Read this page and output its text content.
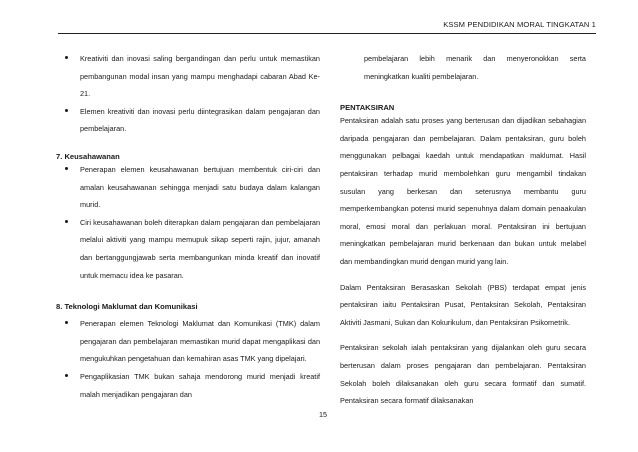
KSSM PENDIDIKAN MORAL TINGKATAN 1
Kreativiti dan inovasi saling bergandingan dan perlu untuk memastikan pembangunan modal insan yang mampu menghadapi cabaran Abad Ke-21.
Elemen kreativiti dan inovasi perlu diintegrasikan dalam pengajaran dan pembelajaran.
7. Keusahawanan
Penerapan elemen keusahawanan bertujuan membentuk ciri-ciri dan amalan keusahawanan sehingga menjadi satu budaya dalam kalangan murid.
Ciri keusahawanan boleh diterapkan dalam pengajaran dan pembelajaran melalui aktiviti yang mampu memupuk sikap seperti rajin, jujur, amanah dan bertanggungjawab serta membangunkan minda kreatif dan inovatif untuk memacu idea ke pasaran.
8. Teknologi Maklumat dan Komunikasi
Penerapan elemen Teknologi Maklumat dan Komunikasi (TMK) dalam pengajaran dan pembelajaran memastikan murid dapat mengaplikasi dan mengukuhkan pengetahuan dan kemahiran asas TMK yang dipelajari.
Pengaplikasian TMK bukan sahaja mendorong murid menjadi kreatif malah menjadikan pengajaran dan
pembelajaran lebih menarik dan menyeronokkan serta meningkatkan kualiti pembelajaran.
PENTAKSIRAN
Pentaksiran adalah satu proses yang berterusan dan dijadikan sebahagian daripada pengajaran dan pembelajaran. Dalam pentaksiran, guru boleh menggunakan pelbagai kaedah untuk mendapatkan maklumat. Hasil pentaksiran terhadap murid membolehkan guru mengambil tindakan susulan yang berkesan dan seterusnya membantu guru memperkembangkan potensi murid sepenuhnya dalam domain penaakulan moral, emosi moral dan perlakuan moral. Pentaksiran ini bertujuan meningkatkan pembelajaran murid berkenaan dan bukan untuk melabel dan membandingkan murid dengan murid yang lain.
Dalam Pentaksiran Berasaskan Sekolah (PBS) terdapat empat jenis pentaksiran iaitu Pentaksiran Pusat, Pentaksiran Sekolah, Pentaksiran Aktiviti Jasmani, Sukan dan Kokurikulum, dan Pentaksiran Psikometrik.
Pentaksiran sekolah ialah pentaksiran yang dijalankan oleh guru secara berterusan dalam proses pengajaran dan pembelajaran. Pentaksiran Sekolah boleh dilaksanakan oleh guru secara formatif dan sumatif. Pentaksiran secara formatif dilaksanakan
15
